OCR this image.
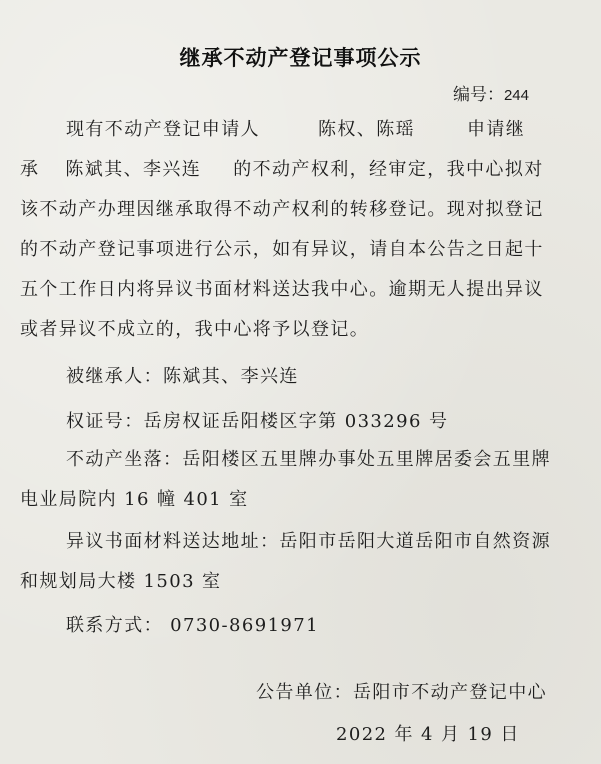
继承不动产登记事项公示
编号：244
现有不动产登记申请人	陈权、陈瑶	申请继
承 陈斌其、李兴连 的不动产权利，经审定，我中心拟对
该不动产办理因继承取得不动产权利的转移登记。现对拟登记
的不动产登记事项进行公示，如有异议，请自本公告之日起十
五个工作日内将异议书面材料送达我中心。逾期无人提出异议
或者异议不成立的，我中心将予以登记。
被继承人：陈斌其、李兴连
权证号：岳房权证岳阳楼区字第 033296 号
不动产坐落：岳阳楼区五里牌办事处五里牌居委会五里牌
电业局院内 16 幢 401 室
异议书面材料送达地址：岳阳市岳阳大道岳阳市自然资源
和规划局大楼 1503 室
联系方式： 0730-8691971
公告单位：岳阳市不动产登记中心
2022 年 4 月 19 日
